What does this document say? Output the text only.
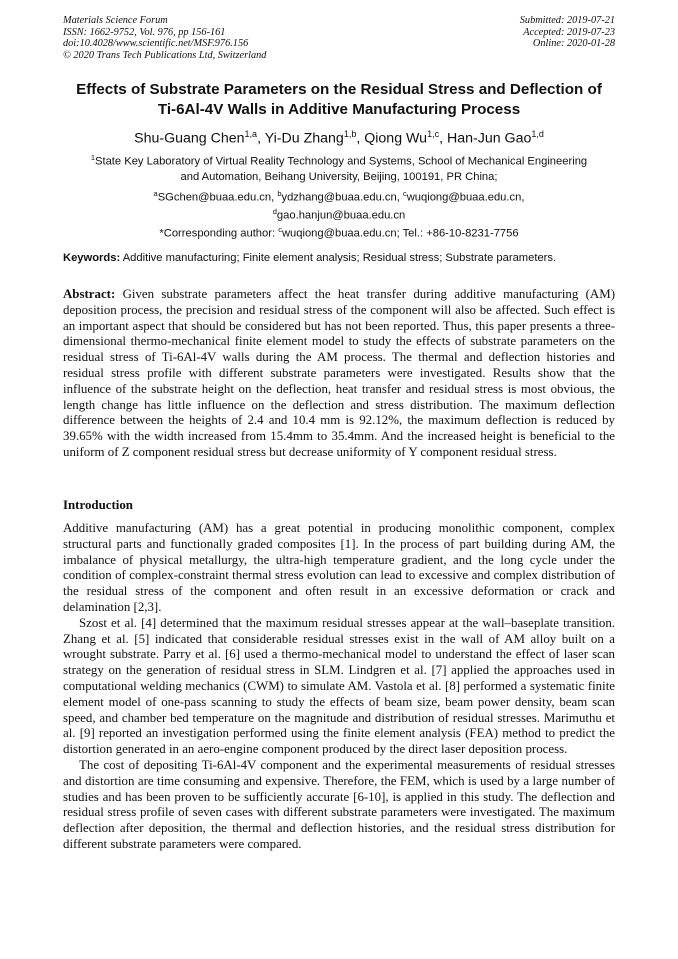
Materials Science Forum
ISSN: 1662-9752, Vol. 976, pp 156-161
doi:10.4028/www.scientific.net/MSF.976.156
© 2020 Trans Tech Publications Ltd, Switzerland
Submitted: 2019-07-21
Accepted: 2019-07-23
Online: 2020-01-28
Effects of Substrate Parameters on the Residual Stress and Deflection of
Ti-6Al-4V Walls in Additive Manufacturing Process
Shu-Guang Chen$^{1,a}$, Yi-Du Zhang$^{1,b}$, Qiong Wu$^{1,c}$, Han-Jun Gao$^{1,d}$
$^1$State Key Laboratory of Virtual Reality Technology and Systems, School of Mechanical Engineering
and Automation, Beihang University, Beijing, 100191, PR China;
$^a$SGchen@buaa.edu.cn, $^b$ydzhang@buaa.edu.cn, $^c$wuqiong@buaa.edu.cn,
$^d$gao.hanjun@buaa.edu.cn
*Corresponding author: $^c$wuqiong@buaa.edu.cn; Tel.: +86-10-8231-7756
Keywords: Additive manufacturing; Finite element analysis; Residual stress; Substrate parameters.
Abstract: Given substrate parameters affect the heat transfer during additive manufacturing (AM) deposition process, the precision and residual stress of the component will also be affected. Such effect is an important aspect that should be considered but has not been reported. Thus, this paper presents a three-dimensional thermo-mechanical finite element model to study the effects of substrate parameters on the residual stress of Ti-6Al-4V walls during the AM process. The thermal and deflection histories and residual stress profile with different substrate parameters were investigated. Results show that the influence of the substrate height on the deflection, heat transfer and residual stress is most obvious, the length change has little influence on the deflection and stress distribution. The maximum deflection difference between the heights of 2.4 and 10.4 mm is 92.12%, the maximum deflection is reduced by 39.65% with the width increased from 15.4mm to 35.4mm. And the increased height is beneficial to the uniform of Z component residual stress but decrease uniformity of Y component residual stress.
Introduction

Additive manufacturing (AM) has a great potential in producing monolithic component, complex structural parts and functionally graded composites [1]. In the process of part building during AM, the imbalance of physical metallurgy, the ultra-high temperature gradient, and the long cycle under the condition of complex-constraint thermal stress evolution can lead to excessive and complex distribution of the residual stress of the component and often result in an excessive deformation or crack and delamination [2,3].

Szost et al. [4] determined that the maximum residual stresses appear at the wall–baseplate transition. Zhang et al. [5] indicated that considerable residual stresses exist in the wall of AM alloy built on a wrought substrate. Parry et al. [6] used a thermo-mechanical model to understand the effect of laser scan strategy on the generation of residual stress in SLM. Lindgren et al. [7] applied the approaches used in computational welding mechanics (CWM) to simulate AM. Vastola et al. [8] performed a systematic finite element model of one-pass scanning to study the effects of beam size, beam power density, beam scan speed, and chamber bed temperature on the magnitude and distribution of residual stresses. Marimuthu et al. [9] reported an investigation performed using the finite element analysis (FEA) method to predict the distortion generated in an aero-engine component produced by the direct laser deposition process.

The cost of depositing Ti-6Al-4V component and the experimental measurements of residual stresses and distortion are time consuming and expensive. Therefore, the FEM, which is used by a large number of studies and has been proven to be sufficiently accurate [6-10], is applied in this study. The deflection and residual stress profile of seven cases with different substrate parameters were investigated. The maximum deflection after deposition, the thermal and deflection histories, and the residual stress distribution for different substrate parameters were compared.
